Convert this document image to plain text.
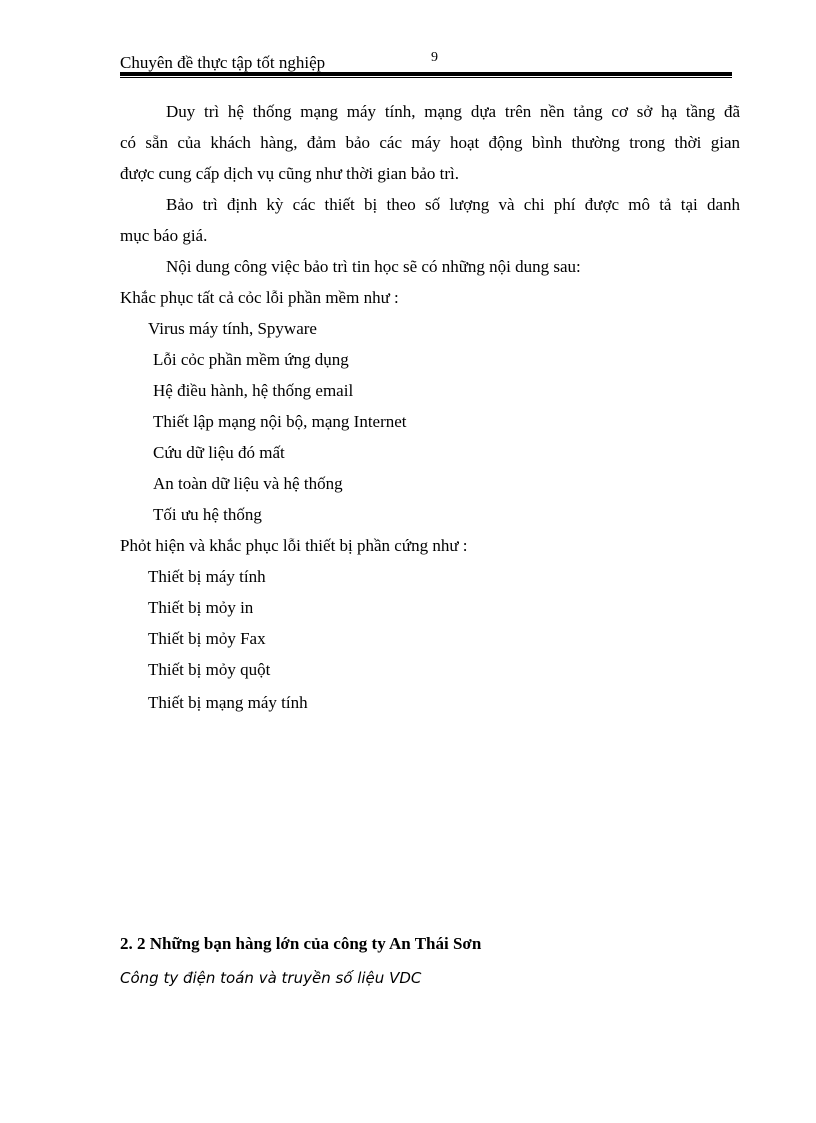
Chuyên đề thực tập tốt nghiệp	9
Duy trì hệ thống mạng máy tính, mạng dựa trên nền tảng cơ sở hạ tầng đã
có sẵn của khách hàng, đảm bảo các máy hoạt động bình thường trong thời gian
được cung cấp dịch vụ cũng như thời gian bảo trì.
Bảo trì định kỳ các thiết bị theo số lượng và chi phí được mô tả tại danh
mục báo giá.
Nội dung công việc bảo trì tin học sẽ có những nội dung sau:
Khắc phục tất cả cỏc lỗi phần mềm như :
Virus máy tính, Spyware
Lỗi cỏc phần mềm ứng dụng
Hệ điều hành, hệ thống email
Thiết lập mạng nội bộ, mạng Internet
Cứu dữ liệu đó mất
An toàn dữ liệu và hệ thống
Tối ưu hệ thống
Phỏt hiện và khắc phục lỗi thiết bị phần cứng như :
Thiết bị máy tính
Thiết bị mỏy in
Thiết bị mỏy Fax
Thiết bị mỏy quột
Thiết bị mạng máy tính
2. 2 Những bạn hàng lớn của công ty An Thái Sơn
Công ty điện toán và truyền số liệu VDC
